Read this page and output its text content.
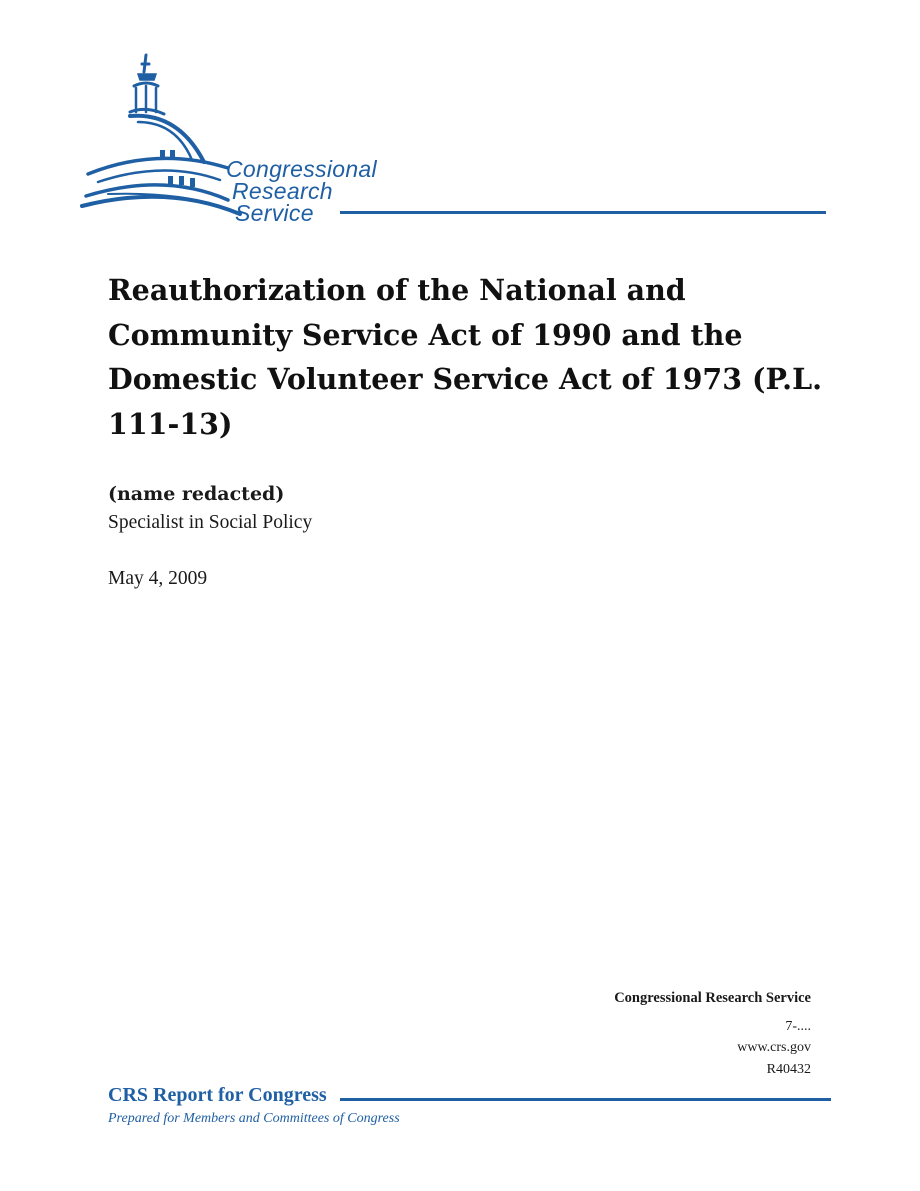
Congressional
Research
Service
Reauthorization of the National and Community Service Act of 1990 and the Domestic Volunteer Service Act of 1973 (P.L. 111-13)
(name redacted)
Specialist in Social Policy
May 4, 2009
Congressional Research Service
7-....
www.crs.gov
R40432
CRS Report for Congress
Prepared for Members and Committees of Congress
